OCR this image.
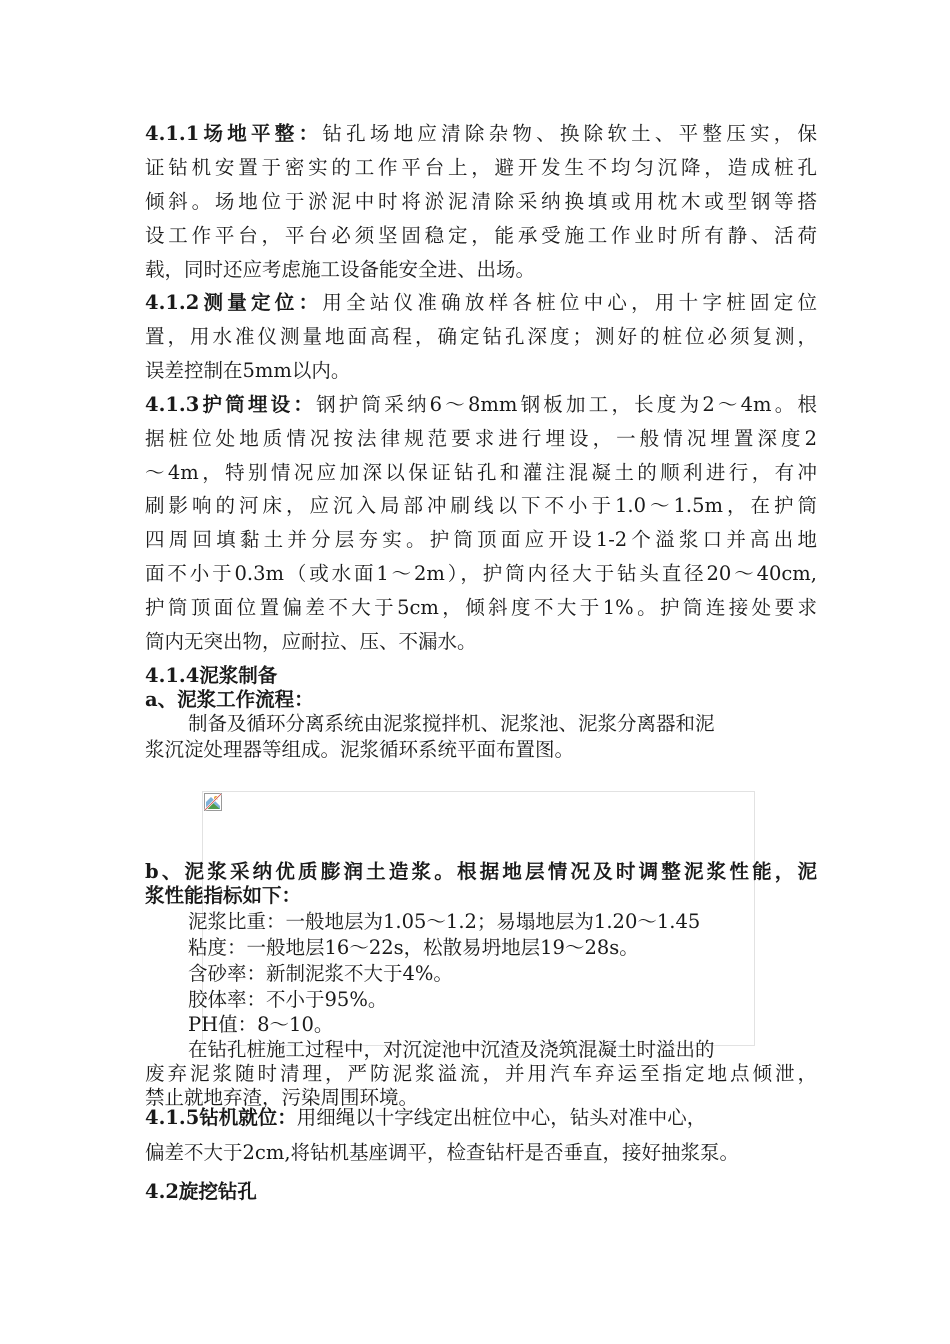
4.1.1场地平整：钻孔场地应清除杂物、换除软土、平整压实，保
证钻机安置于密实的工作平台上，避开发生不均匀沉降，造成桩孔
倾斜。场地位于淤泥中时将淤泥清除采纳换填或用枕木或型钢等搭
设工作平台，平台必须坚固稳定，能承受施工作业时所有静、活荷
载，同时还应考虑施工设备能安全进、出场。
4.1.2测量定位：用全站仪准确放样各桩位中心，用十字桩固定位
置，用水准仪测量地面高程，确定钻孔深度；测好的桩位必须复测，
误差控制在5mm以内。
4.1.3护筒埋设：钢护筒采纳6～8mm钢板加工，长度为2～4m。根
据桩位处地质情况按法律规范要求进行埋设，一般情况埋置深度2
～4m，特别情况应加深以保证钻孔和灌注混凝土的顺利进行，有冲
刷影响的河床，应沉入局部冲刷线以下不小于1.0～1.5m，在护筒
四周回填黏土并分层夯实。护筒顶面应开设1-2个溢浆口并高出地
面不小于0.3m（或水面1～2m），护筒内径大于钻头直径20～40cm,
护筒顶面位置偏差不大于5cm，倾斜度不大于1%。护筒连接处要求
筒内无突出物，应耐拉、压、不漏水。
4.1.4泥浆制备
a、泥浆工作流程：
制备及循环分离系统由泥浆搅拌机、泥浆池、泥浆分离器和泥
浆沉淀处理器等组成。泥浆循环系统平面布置图。
b、泥浆采纳优质膨润土造浆。根据地层情况及时调整泥浆性能，泥
浆性能指标如下：
泥浆比重：一般地层为1.05～1.2；易塌地层为1.20～1.45
粘度：一般地层16～22s，松散易坍地层19～28s。
含砂率：新制泥浆不大于4%。
胶体率：不小于95%。
PH值：8～10。
在钻孔桩施工过程中，对沉淀池中沉渣及浇筑混凝土时溢出的
废弃泥浆随时清理，严防泥浆溢流，并用汽车弃运至指定地点倾泄，
禁止就地弃渣，污染周围环境。
4.1.5钻机就位：用细绳以十字线定出桩位中心，钻头对准中心，
偏差不大于2cm,将钻机基座调平，检查钻杆是否垂直，接好抽浆泵。
4.2旋挖钻孔
